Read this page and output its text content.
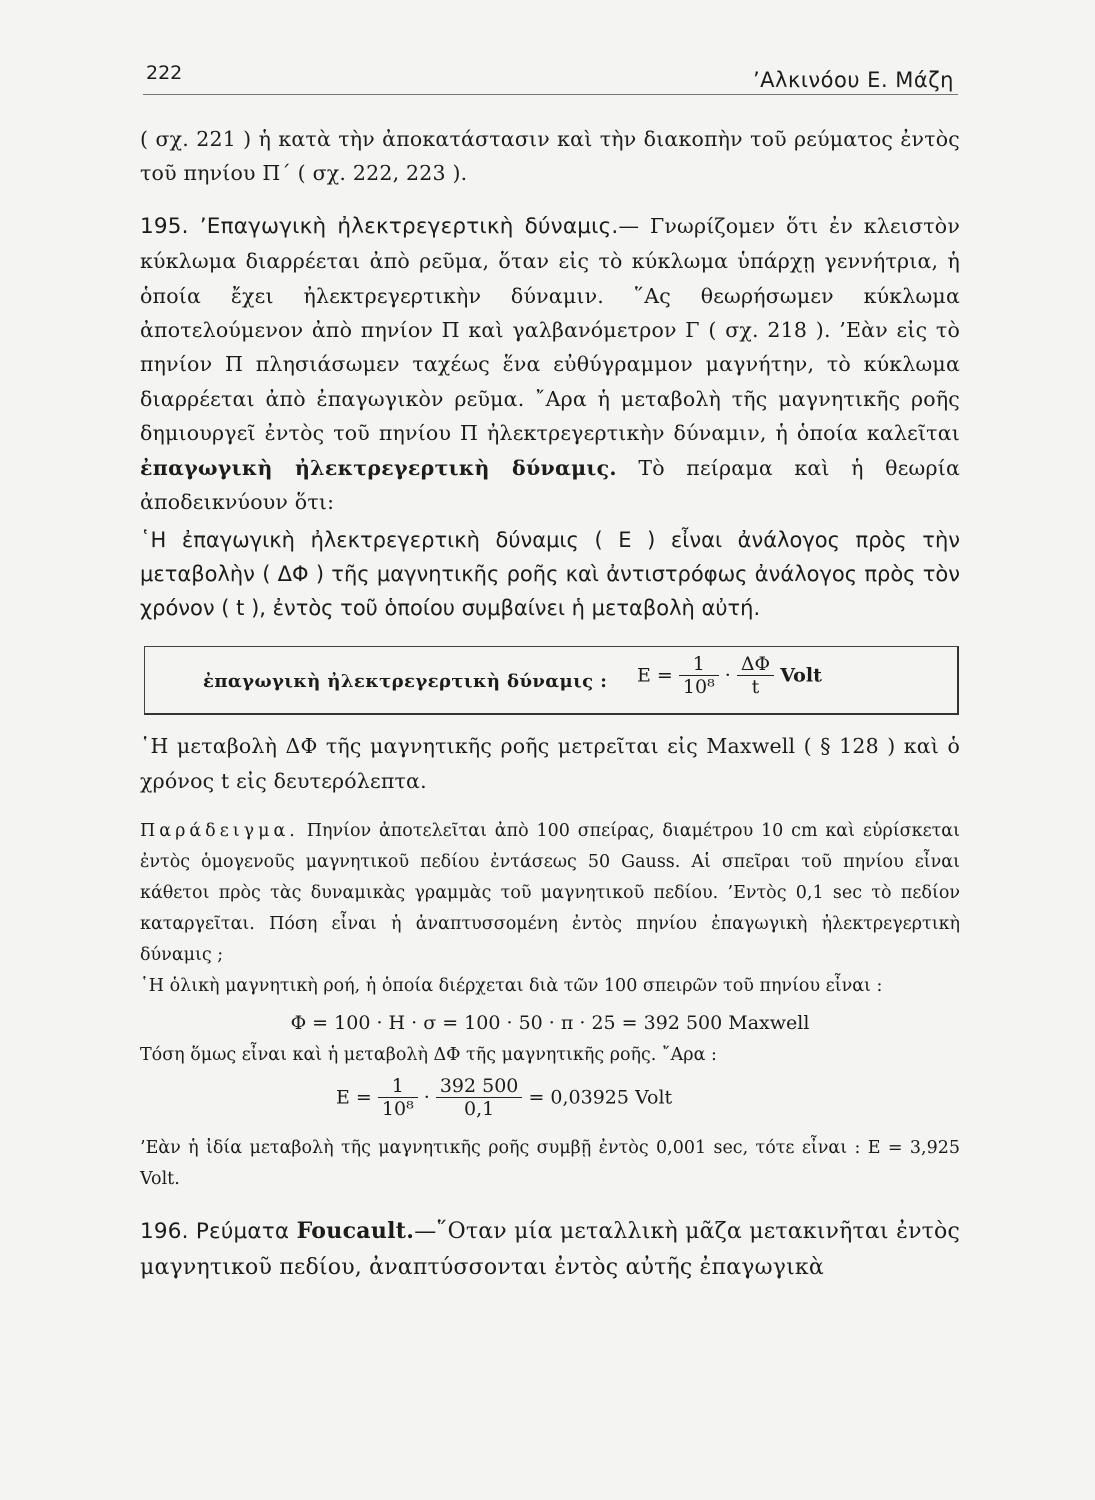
222	’Αλκινόου Ε. Μάζη

( σχ. 221 ) ἡ κατὰ τὴν ἀποκατάστασιν καὶ τὴν διακοπὴν τοῦ ρεύματος ἐντὸς τοῦ πηνίου Π΄ ( σχ. 222, 223 ).

195. ’Επαγωγικὴ ἠλεκτρεγερτικὴ δύναμις.— Γνωρίζομεν ὅτι ἐν κλειστὸν κύκλωμα διαρρέεται ἀπὸ ρεῦμα, ὅταν εἰς τὸ κύκλωμα ὑπάρχῃ γεννήτρια, ἡ ὁποία ἔχει ἠλεκτρεγερτικὴν δύναμιν. ῞Ας θεωρήσωμεν κύκλωμα ἀποτελούμενον ἀπὸ πηνίον Π καὶ γαλβανόμετρον Γ ( σχ. 218 ). ’Εὰν εἰς τὸ πηνίον Π πλησιάσωμεν ταχέως ἕνα εὐθύγραμμον μαγνήτην, τὸ κύκλωμα διαρρέεται ἀπὸ ἐπαγωγικὸν ρεῦμα. ῎Αρα ἡ μεταβολὴ τῆς μαγνητικῆς ροῆς δημιουργεῖ ἐντὸς τοῦ πηνίου Π ἠλεκτρεγερτικὴν δύναμιν, ἡ ὁποία καλεῖται ἐπαγωγικὴ ἠλεκτρεγερτικὴ δύναμις. Τὸ πείραμα καὶ ἡ θεωρία ἀποδεικνύουν ὅτι:

῾Η ἐπαγωγικὴ ἠλεκτρεγερτικὴ δύναμις ( Ε ) εἶναι ἀνάλογος πρὸς τὴν μεταβολὴν ( ΔΦ ) τῆς μαγνητικῆς ροῆς καὶ ἀντιστρόφως ἀνάλογος πρὸς τὸν χρόνον ( t ), ἐντὸς τοῦ ὁποίου συμβαίνει ἡ μεταβολὴ αὐτή.

ἐπαγωγικὴ ἠλεκτρεγερτικὴ δύναμις : $E = \frac{1}{\text{10⁸}} \cdot \frac{\Delta\Phi}{t}$ Volt

῾Η μεταβολὴ ΔΦ τῆς μαγνητικῆς ροῆς μετρεῖται εἰς Maxwell ( § 128 ) καὶ ὁ χρόνος t εἰς δευτερόλεπτα.

Παράδειγμα. Πηνίον ἀποτελεῖται ἀπὸ 100 σπείρας, διαμέτρου 10 cm καὶ εὑρίσκεται ἐντὸς ὁμογενοῦς μαγνητικοῦ πεδίου ἐντάσεως 50 Gauss. Αἱ σπεῖραι τοῦ πηνίου εἶναι κάθετοι πρὸς τὰς δυναμικὰς γραμμὰς τοῦ μαγνητικοῦ πεδίου. ’Εντὸς 0,1 sec τὸ πεδίον καταργεῖται. Πόση εἶναι ἡ ἀναπτυσσομένη ἐντὸς πηνίου ἐπαγωγικὴ ἠλεκτρεγερτικὴ δύναμις ;

῾Η ὁλικὴ μαγνητικὴ ροή, ἡ ὁποία διέρχεται διὰ τῶν 100 σπειρῶν τοῦ πηνίου εἶναι :

Φ = 100 · Η · σ = 100 · 50 · π · 25 = 392 500 Maxwell

Τόση ὅμως εἶναι καὶ ἡ μεταβολὴ ΔΦ τῆς μαγνητικῆς ροῆς. ῎Αρα :

$E = \frac{1}{\text{10⁸}} \cdot \frac{392 500}{0,1} = 0,03925$ Volt

’Εὰν ἡ ἰδία μεταβολὴ τῆς μαγνητικῆς ροῆς συμβῇ ἐντὸς 0,001 sec, τότε εἶναι : Ε = 3,925 Volt.

196. Ρεύματα Foucault.—῞Οταν μία μεταλλικὴ μᾶζα μετακινῆται ἐντὸς μαγνητικοῦ πεδίου, ἀναπτύσσονται ἐντὸς αὐτῆς ἐπαγωγικὰ
